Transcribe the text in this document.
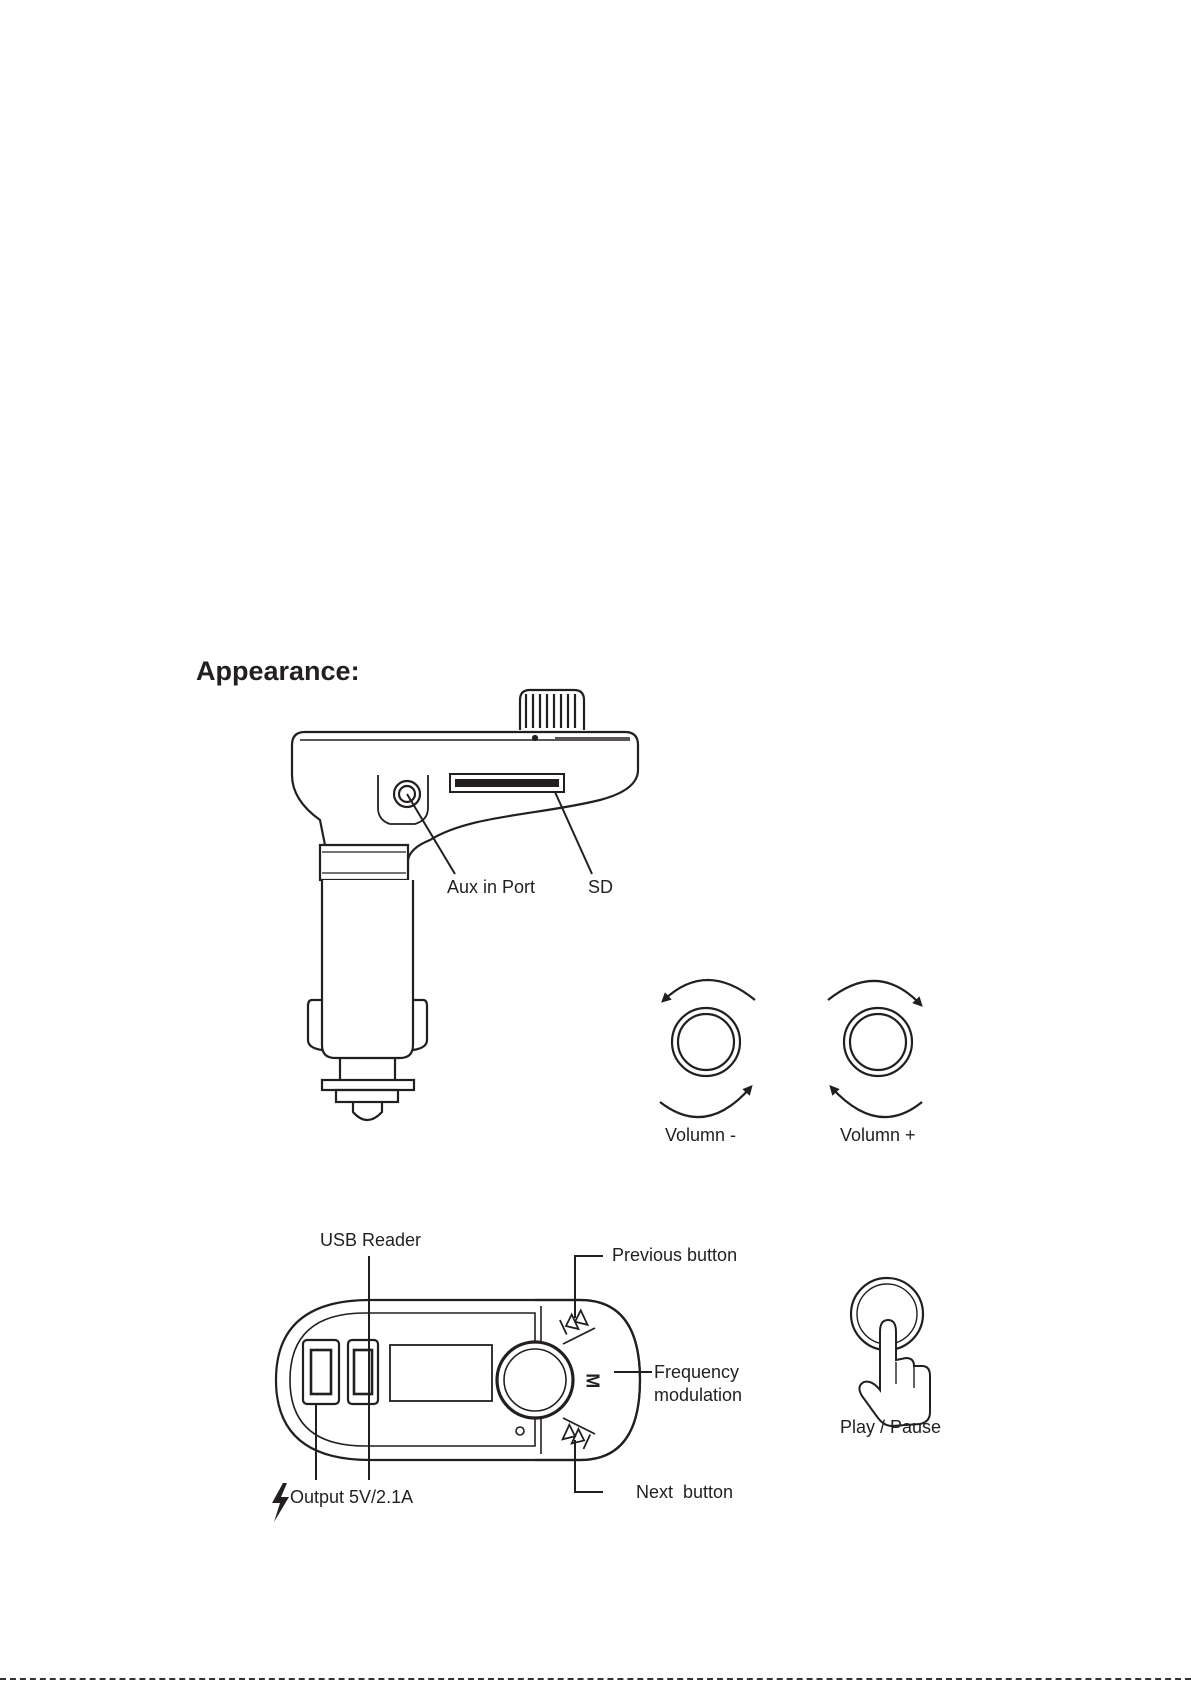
Appearance:
Aux in Port	SD
Volumn -	Volumn +
USB Reader
Previous button
Frequency
modulation
Next  button
Output 5V/2.1A
M
Play / Pause
